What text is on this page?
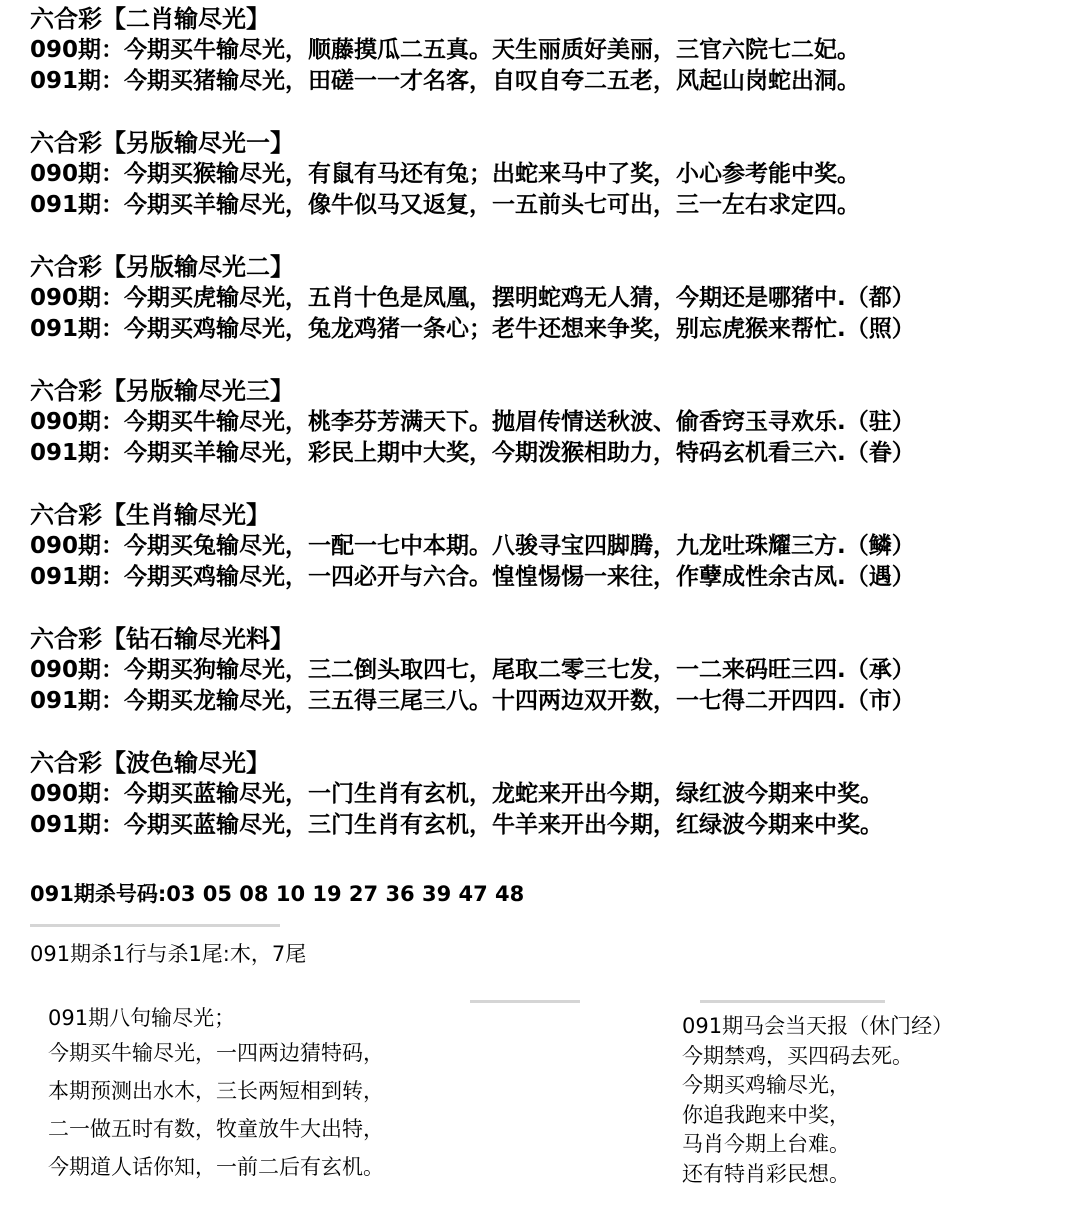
六合彩【二肖输尽光】
090期：今期买牛输尽光，顺藤摸瓜二五真。天生丽质好美丽，三官六院七二妃。
091期：今期买猪输尽光，田磋一一才名客，自叹自夸二五老，风起山岗蛇出洞。
六合彩【另版输尽光一】
090期：今期买猴输尽光，有鼠有马还有兔；出蛇来马中了奖，小心参考能中奖。
091期：今期买羊输尽光，像牛似马又返复，一五前头七可出，三一左右求定四。
六合彩【另版输尽光二】
090期：今期买虎输尽光，五肖十色是凤凰，摆明蛇鸡无人猜，今期还是哪猪中.（都）
091期：今期买鸡输尽光，兔龙鸡猪一条心；老牛还想来争奖，别忘虎猴来帮忙.（照）
六合彩【另版输尽光三】
090期：今期买牛输尽光，桃李芬芳满天下。抛眉传情送秋波、偷香窍玉寻欢乐.（驻）
091期：今期买羊输尽光，彩民上期中大奖，今期泼猴相助力，特码玄机看三六.（眷）
六合彩【生肖输尽光】
090期：今期买兔输尽光，一配一七中本期。八骏寻宝四脚腾，九龙吐珠耀三方.（鳞）
091期：今期买鸡输尽光，一四必开与六合。惶惶惕惕一来往，作孽成性余古凤.（遇）
六合彩【钻石输尽光料】
090期：今期买狗输尽光，三二倒头取四七，尾取二零三七发，一二来码旺三四.（承）
091期：今期买龙输尽光，三五得三尾三八。十四两边双开数，一七得二开四四.（市）
六合彩【波色输尽光】
090期：今期买蓝输尽光，一门生肖有玄机，龙蛇来开出今期，绿红波今期来中奖。
091期：今期买蓝输尽光，三门生肖有玄机，牛羊来开出今期，红绿波今期来中奖。
091期杀号码:03 05 08 10 19 27 36 39 47 48
091期杀1行与杀1尾:木，7尾
091期八句输尽光；
今期买牛输尽光，一四两边猜特码，
本期预测出水木，三长两短相到转，
二一做五时有数，牧童放牛大出特，
今期道人话你知，一前二后有玄机。
091期马会当天报（休门经）
今期禁鸡，买四码去死。
今期买鸡输尽光，
你追我跑来中奖，
马肖今期上台难。
还有特肖彩民想。
